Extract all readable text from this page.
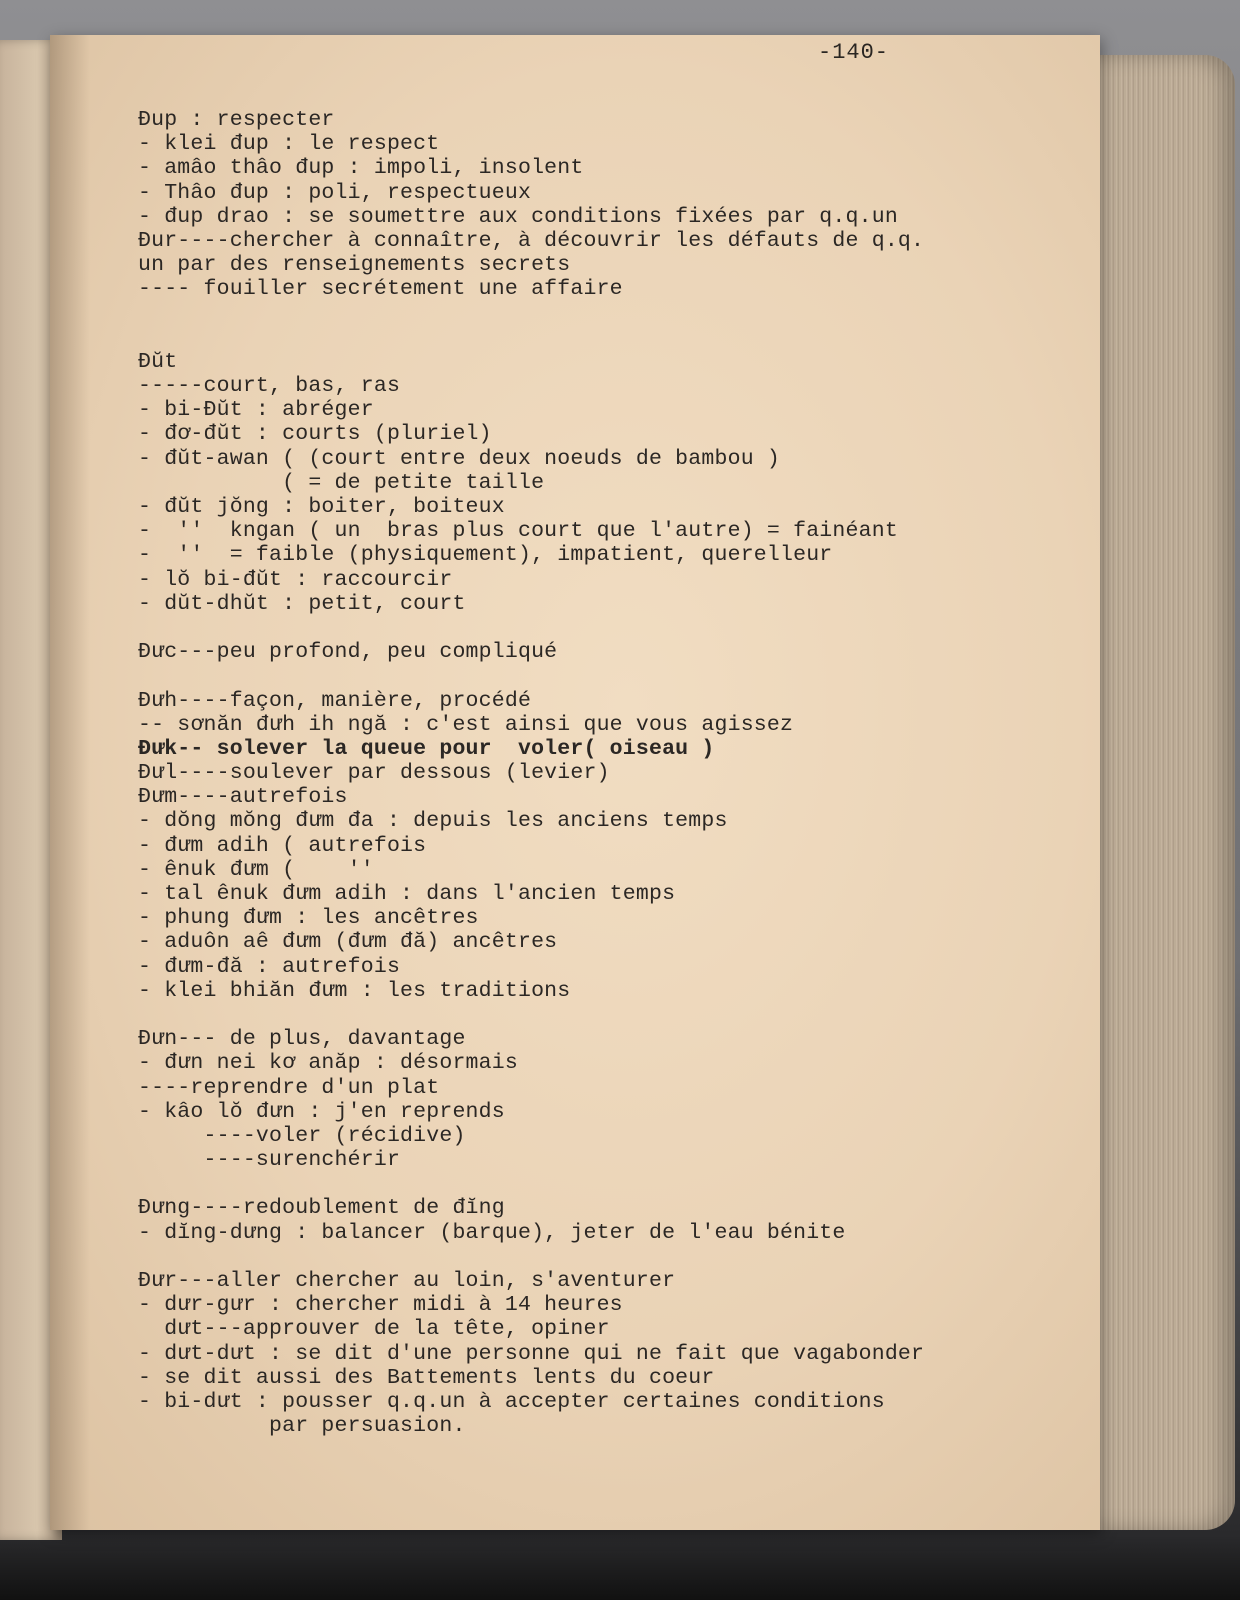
-140-
Đup : respecter
- klei đup : le respect
- amâo thâo đup : impoli, insolent
- Thâo đup : poli, respectueux
- đup drao : se soumettre aux conditions fixées par q.q.un
Đur----chercher à connaître, à découvrir les défauts de q.q.
un par des renseignements secrets
---- fouiller secrétement une affaire
Đŭt
-----court, bas, ras
- bi-Đŭt : abréger
- đơ-đŭt : courts (pluriel)
- đŭt-awan ( (court entre deux noeuds de bambou )
( = de petite taille
- đŭt jŏng : boiter, boiteux
-  ''  kngan ( un  bras plus court que l'autre) = fainéant
-  ''  = faible (physiquement), impatient, querelleur
- lŏ bi-đŭt : raccourcir
- dŭt-dhŭt : petit, court
Đưc---peu profond, peu compliqué
Đưh----façon, manière, procédé
-- sơnăn đưh ih ngă : c'est ainsi que vous agissez
Đưk-- solever la queue pour  voler( oiseau )
Đưl----soulever par dessous (levier)
Đưm----autrefois
- dŏng mŏng đưm đa : depuis les anciens temps
- đưm adih ( autrefois
- ênuk đưm (    ''
- tal ênuk đưm adih : dans l'ancien temps
- phung đưm : les ancêtres
- aduôn aê đưm (đưm đă) ancêtres
- đưm-đă : autrefois
- klei bhiăn đưm : les traditions
Đưn--- de plus, davantage
- đưn nei kơ anăp : désormais
----reprendre d'un plat
- kâo lŏ đưn : j'en reprends
----voler (récidive)
----surenchérir
Đưng----redoublement de đĭng
- dĭng-dưng : balancer (barque), jeter de l'eau bénite
Đưr---aller chercher au loin, s'aventurer
- dưr-gưr : chercher midi à 14 heures
dưt---approuver de la tête, opiner
- dưt-dưt : se dit d'une personne qui ne fait que vagabonder
- se dit aussi des Battements lents du coeur
- bi-dưt : pousser q.q.un à accepter certaines conditions
par persuasion.
